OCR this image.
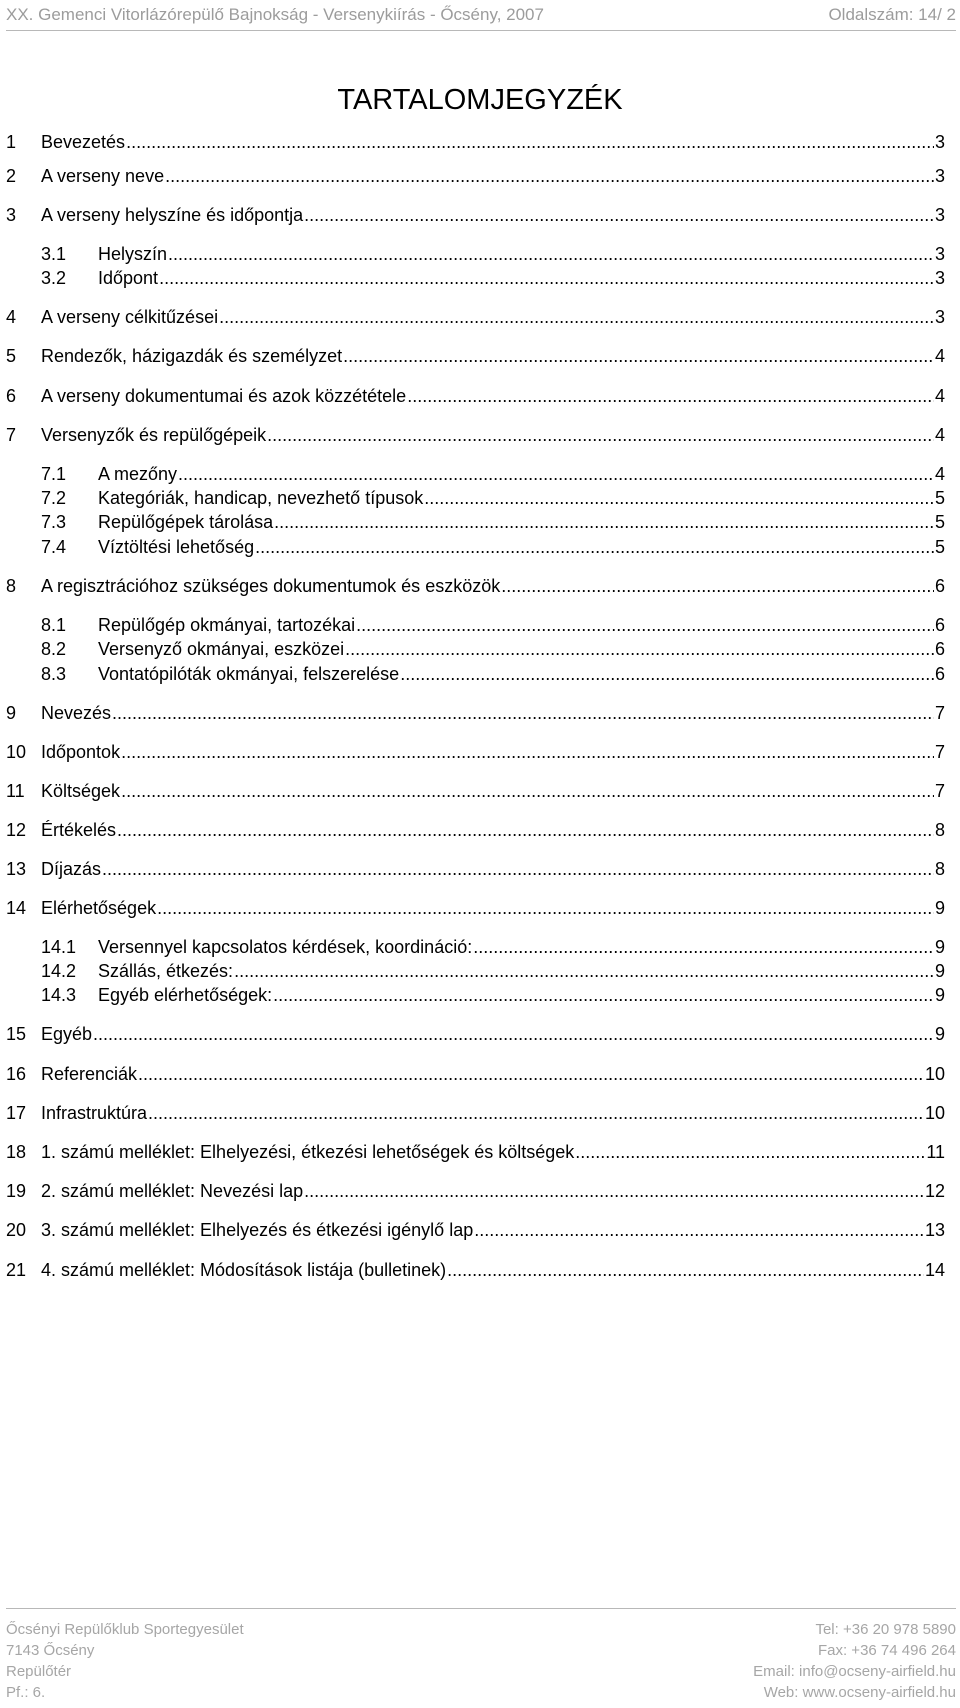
XX. Gemenci Vitorlázórepülő Bajnokság - Versenykiírás - Őcsény, 2007	Oldalszám: 14/ 2
TARTALOMJEGYZÉK
1 Bevezetés .....	3
2 A verseny neve .....	3
3 A verseny helyszíne és időpontja .....	3
3.1 Helyszín .....	3
3.2 Időpont .....	3
4 A verseny célkitűzései .....	3
5 Rendezők, házigazdák és személyzet .....	4
6 A verseny dokumentumai és azok közzététele .....	4
7 Versenyzők és repülőgépeik .....	4
7.1 A mezőny .....	4
7.2 Kategóriák, handicap, nevezhető típusok .....	5
7.3 Repülőgépek tárolása .....	5
7.4 Víztöltési lehetőség .....	5
8 A regisztrációhoz szükséges dokumentumok és eszközök .....	6
8.1 Repülőgép okmányai, tartozékai .....	6
8.2 Versenyző okmányai, eszközei .....	6
8.3 Vontatópilóták okmányai, felszerelése .....	6
9 Nevezés .....	7
10 Időpontok .....	7
11 Költségek .....	7
12 Értékelés .....	8
13 Díjazás .....	8
14 Elérhetőségek .....	9
14.1 Versennyel kapcsolatos kérdések, koordináció: .....	9
14.2 Szállás, étkezés: .....	9
14.3 Egyéb elérhetőségek: .....	9
15 Egyéb .....	9
16 Referenciák .....	10
17 Infrastruktúra .....	10
18 1. számú melléklet: Elhelyezési, étkezési lehetőségek és költségek .....	11
19 2. számú melléklet: Nevezési lap .....	12
20 3. számú melléklet: Elhelyezés és étkezési igénylő lap .....	13
21 4. számú melléklet: Módosítások listája (bulletinek) .....	14
Őcsényi Repülőklub Sportegyesület
7143 Őcsény
Repülőtér
Pf.: 6.
Tel: +36 20 978 5890
Fax: +36 74 496 264
Email: info@ocseny-airfield.hu
Web: www.ocseny-airfield.hu
